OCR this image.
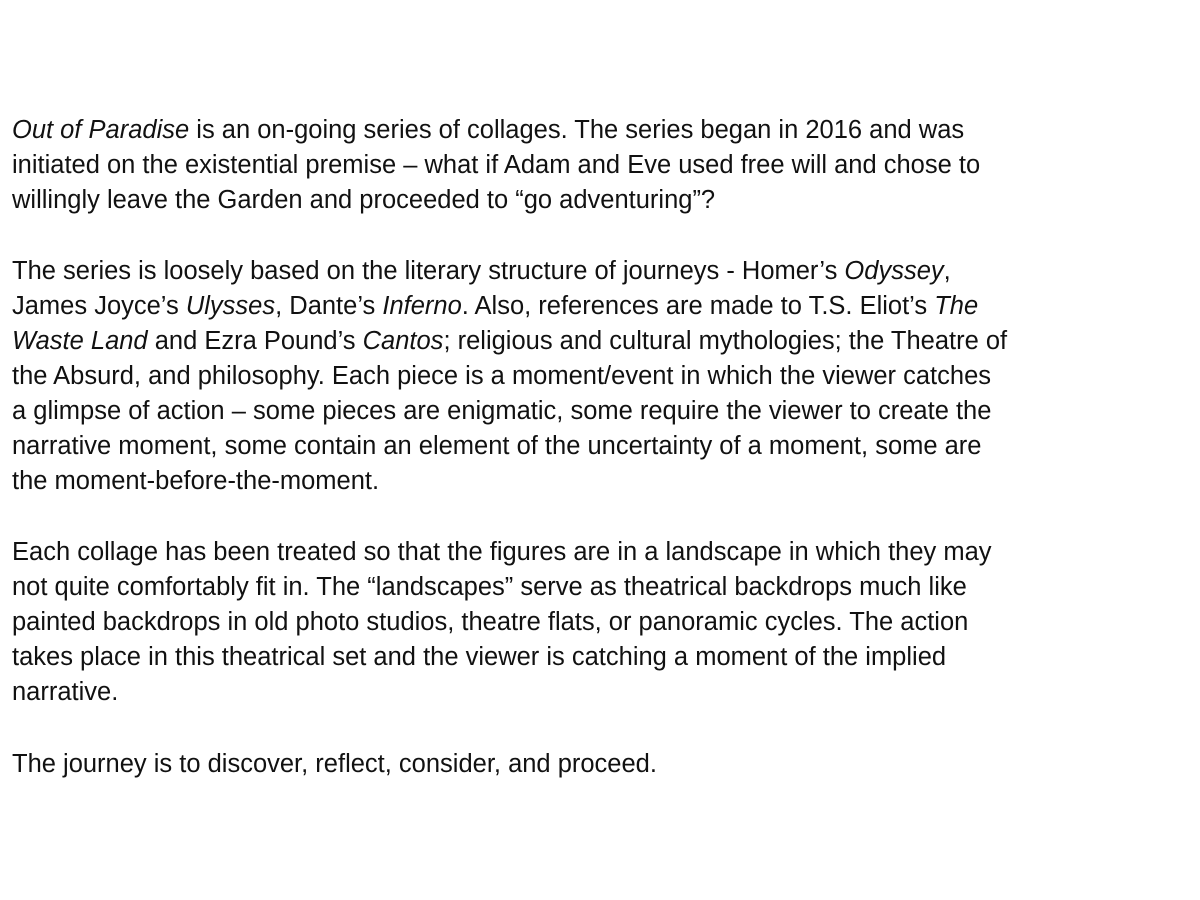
Out of Paradise is an on-going series of collages. The series began in 2016 and was
initiated on the existential premise – what if Adam and Eve used free will and chose to
willingly leave the Garden and proceeded to “go adventuring”?

The series is loosely based on the literary structure of journeys - Homer’s Odyssey,
James Joyce’s Ulysses, Dante’s Inferno. Also, references are made to T.S. Eliot’s The
Waste Land and Ezra Pound’s Cantos; religious and cultural mythologies; the Theatre of
the Absurd, and philosophy. Each piece is a moment/event in which the viewer catches
a glimpse of action – some pieces are enigmatic, some require the viewer to create the
narrative moment, some contain an element of the uncertainty of a moment, some are
the moment-before-the-moment.

Each collage has been treated so that the figures are in a landscape in which they may
not quite comfortably fit in. The “landscapes” serve as theatrical backdrops much like
painted backdrops in old photo studios, theatre flats, or panoramic cycles. The action
takes place in this theatrical set and the viewer is catching a moment of the implied
narrative.

The journey is to discover, reflect, consider, and proceed.
